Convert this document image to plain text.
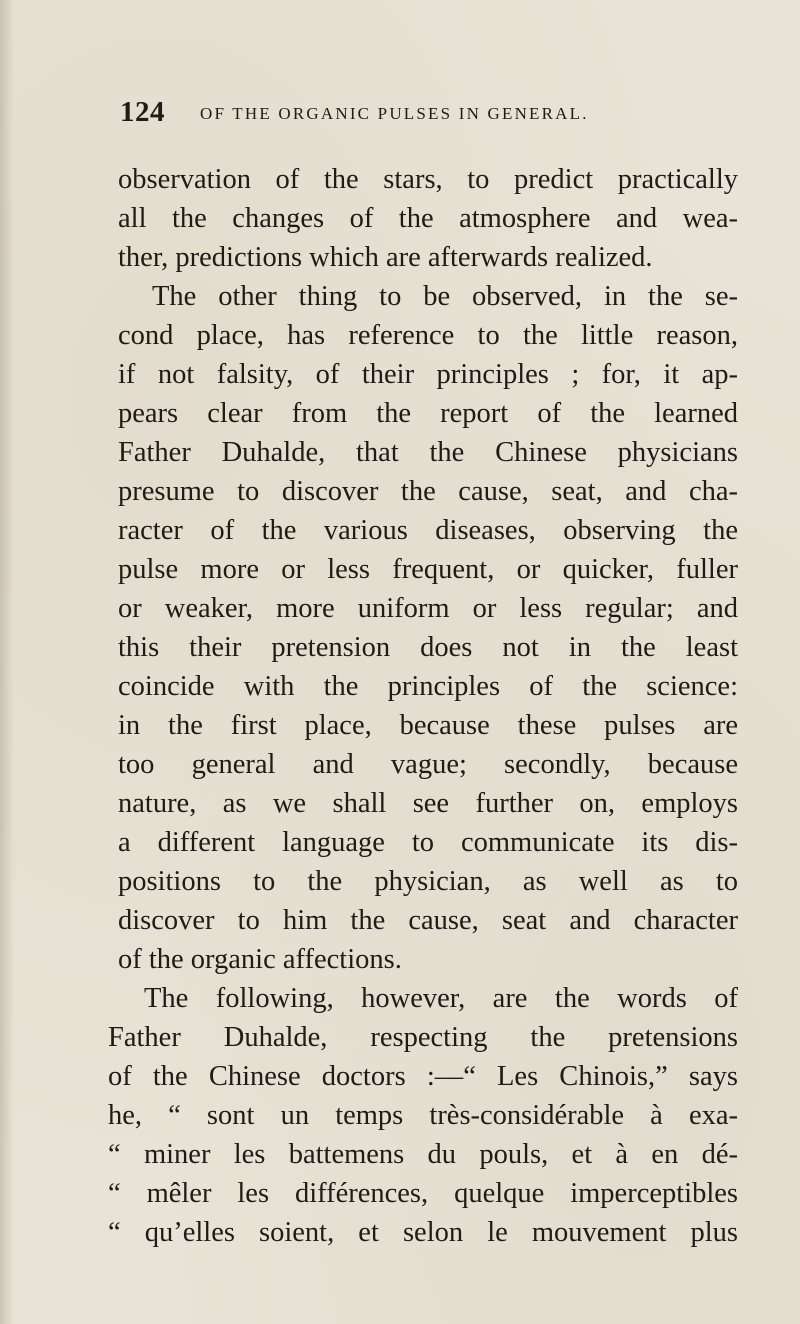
124 OF THE ORGANIC PULSES IN GENERAL.
observation of the stars, to predict practically
all the changes of the atmosphere and wea-
ther, predictions which are afterwards realized.
The other thing to be observed, in the se-
cond place, has reference to the little reason,
if not falsity, of their principles ; for, it ap-
pears clear from the report of the learned
Father Duhalde, that the Chinese physicians
presume to discover the cause, seat, and cha-
racter of the various diseases, observing the
pulse more or less frequent, or quicker, fuller
or weaker, more uniform or less regular; and
this their pretension does not in the least
coincide with the principles of the science:
in the first place, because these pulses are
too general and vague; secondly, because
nature, as we shall see further on, employs
a different language to communicate its dis-
positions to the physician, as well as to
discover to him the cause, seat and character
of the organic affections.
The following, however, are the words of
Father Duhalde, respecting the pretensions
of the Chinese doctors :—“ Les Chinois,” says
he, “ sont un temps très-considérable à exa-
“ miner les battemens du pouls, et à en dé-
“ mêler les différences, quelque imperceptibles
“ qu’elles soient, et selon le mouvement plus
